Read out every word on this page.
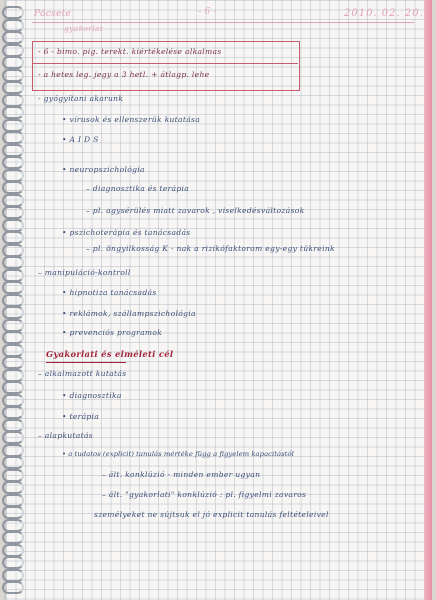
Pöcsete	- 6 -	2010. 02. 20.
gyakorlat
- 6 - bimo. pig. terekt. kiértékelése alkalmas
- a hetes leg. jegy a 3 hetl. + átlagp. lehe
- gyógyítani akarunk
• vírusok és ellenszerük kutatása
• A I D S
• neuropszichológia
– diagnosztika és terápia
– pl. agysérülés miatt zavarok , viselkedésváltozások
• pszichoterápia és tanácsadás
– pl. öngyilkosság K - nak a rizikófaktorom egy-egy tükreink
– manipuláció-kontroll
• hipnotiza tanácsadás
• reklámok, szállampszichológia
• prevenciós programok
Gyakorlati és elméleti cél
– alkalmazott kutatás
• diagnosztika
• terápia
– alapkutatás
• a tudatos (explicit) tanulás mértéke függ a figyelem kapacitástól
– ált. konklúzió - minden ember ugyan
– ált. "gyakorlati" konklúzió : pl. figyelmi zavaros
személyeket ne sújtsuk el jó explicit tanulás feltételeivel
